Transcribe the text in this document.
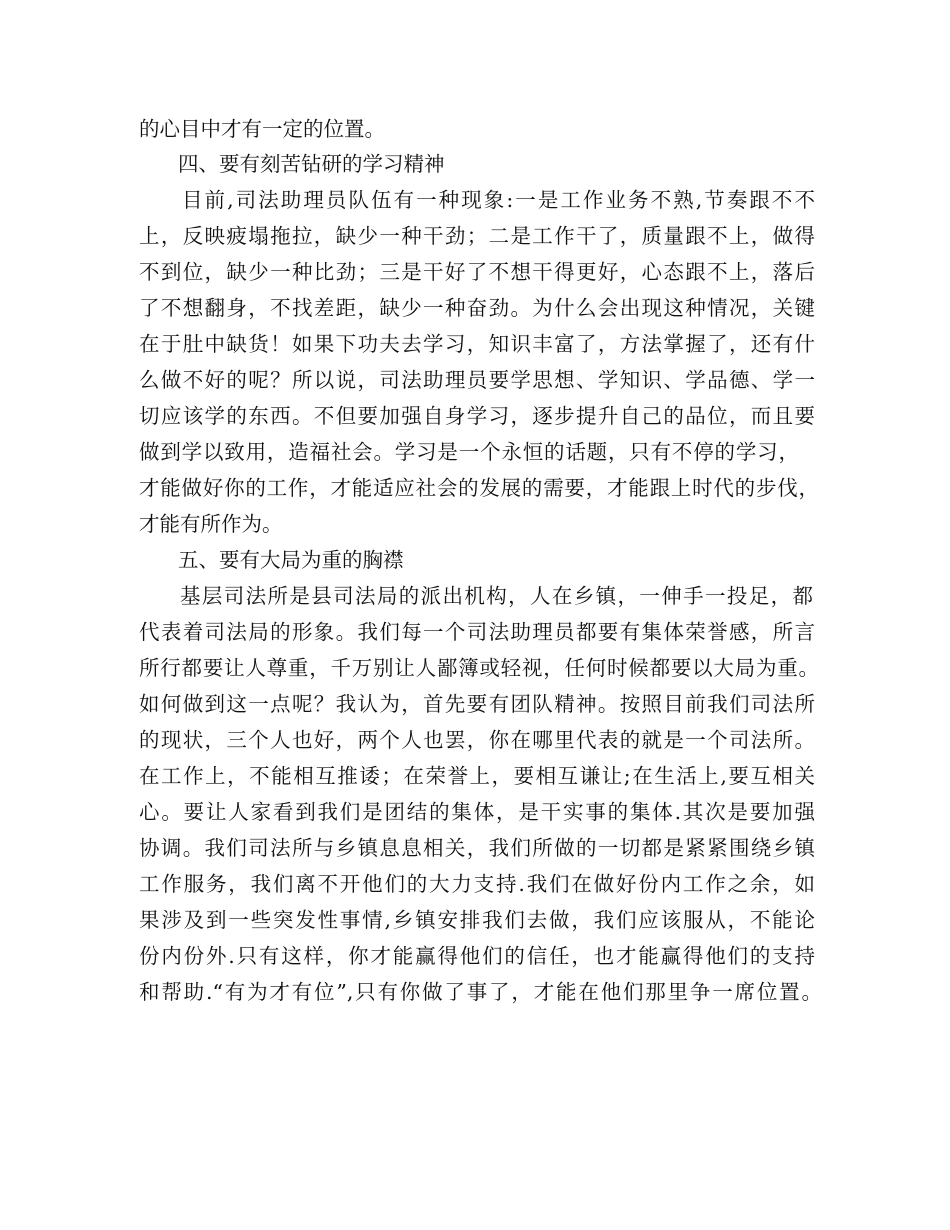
的心目中才有一定的位置。
四、要有刻苦钻研的学习精神
目前,司法助理员队伍有一种现象:一是工作业务不熟,节奏跟不不
上，反映疲塌拖拉，缺少一种干劲；二是工作干了，质量跟不上，做得
不到位，缺少一种比劲；三是干好了不想干得更好，心态跟不上，落后
了不想翻身，不找差距，缺少一种奋劲。为什么会出现这种情况，关键
在于肚中缺货！如果下功夫去学习，知识丰富了，方法掌握了，还有什
么做不好的呢？所以说，司法助理员要学思想、学知识、学品德、学一
切应该学的东西。不但要加强自身学习，逐步提升自己的品位，而且要
做到学以致用，造福社会。学习是一个永恒的话题，只有不停的学习，
才能做好你的工作，才能适应社会的发展的需要，才能跟上时代的步伐，
才能有所作为。
五、要有大局为重的胸襟
基层司法所是县司法局的派出机构，人在乡镇，一伸手一投足，都
代表着司法局的形象。我们每一个司法助理员都要有集体荣誉感，所言
所行都要让人尊重，千万别让人鄙簿或轻视，任何时候都要以大局为重。
如何做到这一点呢？我认为，首先要有团队精神。按照目前我们司法所
的现状，三个人也好，两个人也罢，你在哪里代表的就是一个司法所。
在工作上，不能相互推诿；在荣誉上，要相互谦让;在生活上,要互相关
心。要让人家看到我们是团结的集体，是干实事的集体.其次是要加强
协调。我们司法所与乡镇息息相关，我们所做的一切都是紧紧围绕乡镇
工作服务，我们离不开他们的大力支持.我们在做好份内工作之余，如
果涉及到一些突发性事情,乡镇安排我们去做，我们应该服从，不能论
份内份外.只有这样，你才能赢得他们的信任，也才能赢得他们的支持
和帮助.“有为才有位”,只有你做了事了，才能在他们那里争一席位置。
